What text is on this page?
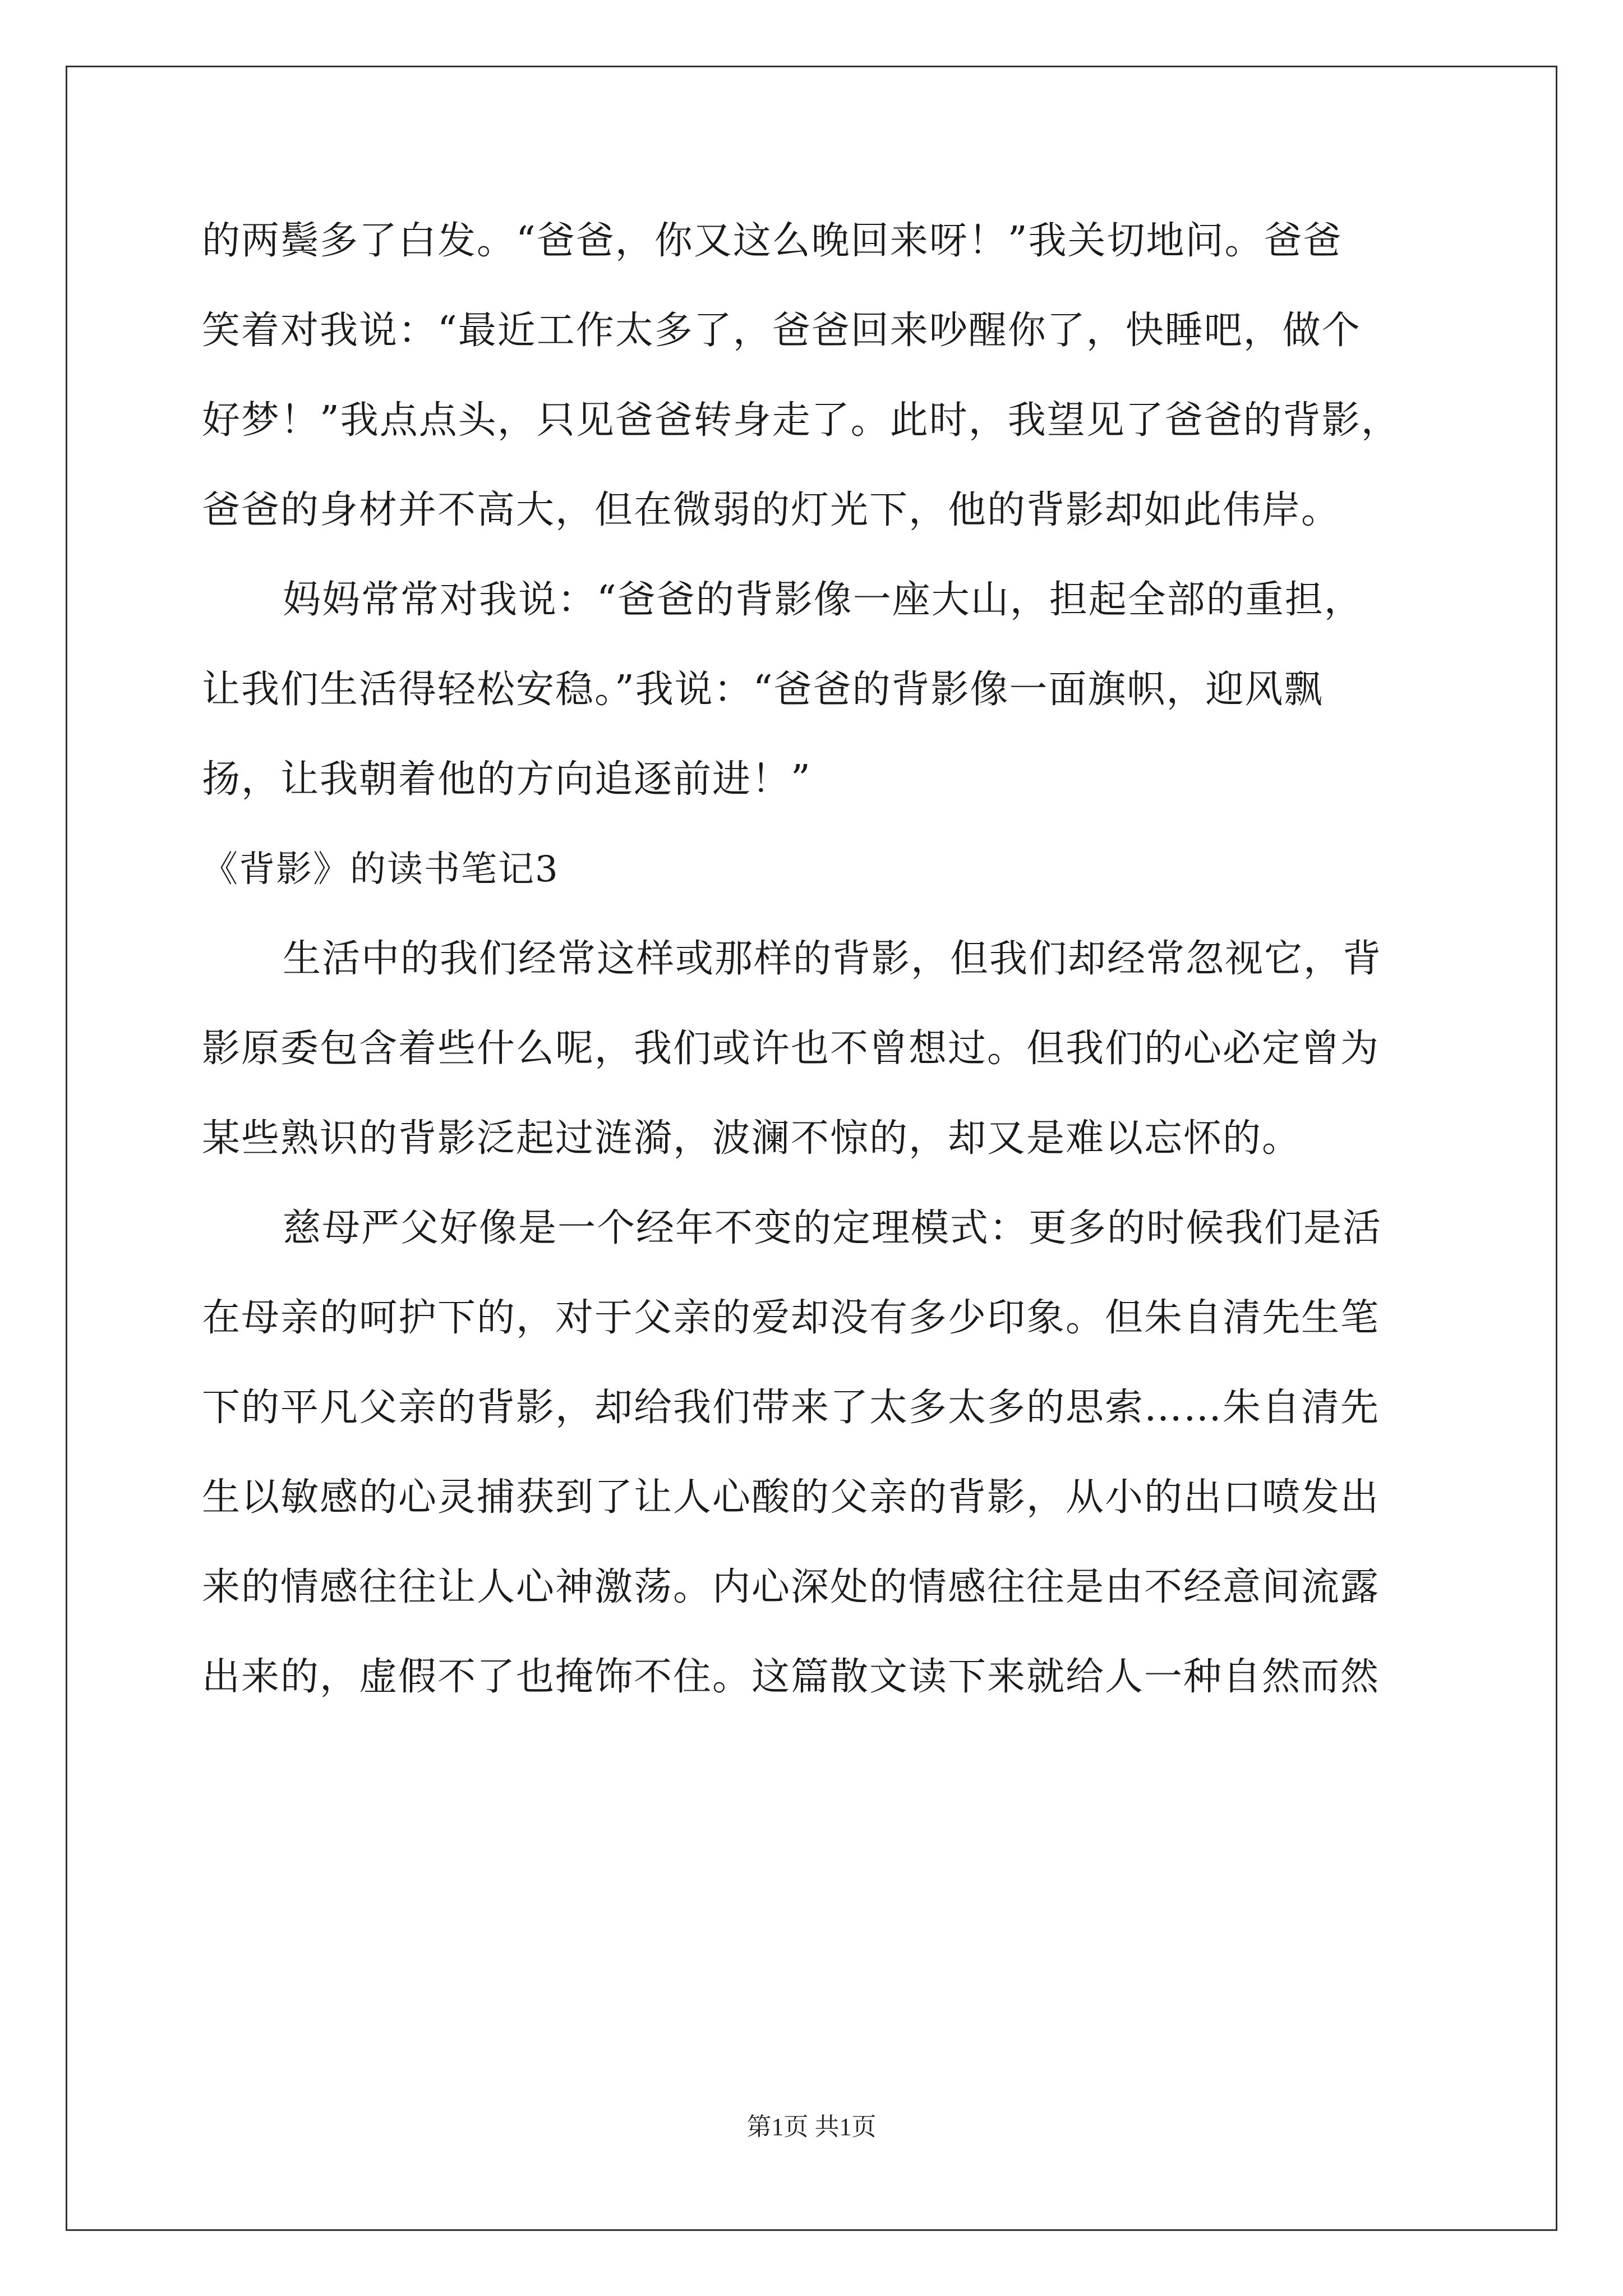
的两鬓多了白发。“爸爸，你又这么晚回来呀！”我关切地问。爸爸
笑着对我说：“最近工作太多了，爸爸回来吵醒你了，快睡吧，做个
好梦！”我点点头，只见爸爸转身走了。此时，我望见了爸爸的背影，
爸爸的身材并不高大，但在微弱的灯光下，他的背影却如此伟岸。
妈妈常常对我说：“爸爸的背影像一座大山，担起全部的重担，
让我们生活得轻松安稳。”我说：“爸爸的背影像一面旗帜，迎风飘
扬，让我朝着他的方向追逐前进！”
《背影》的读书笔记3
生活中的我们经常这样或那样的背影，但我们却经常忽视它，背
影原委包含着些什么呢，我们或许也不曾想过。但我们的心必定曾为
某些熟识的背影泛起过涟漪，波澜不惊的，却又是难以忘怀的。
慈母严父好像是一个经年不变的定理模式：更多的时候我们是活
在母亲的呵护下的，对于父亲的爱却没有多少印象。但朱自清先生笔
下的平凡父亲的背影，却给我们带来了太多太多的思索……朱自清先
生以敏感的心灵捕获到了让人心酸的父亲的背影，从小的出口喷发出
来的情感往往让人心神激荡。内心深处的情感往往是由不经意间流露
出来的，虚假不了也掩饰不住。这篇散文读下来就给人一种自然而然
第1页 共1页
